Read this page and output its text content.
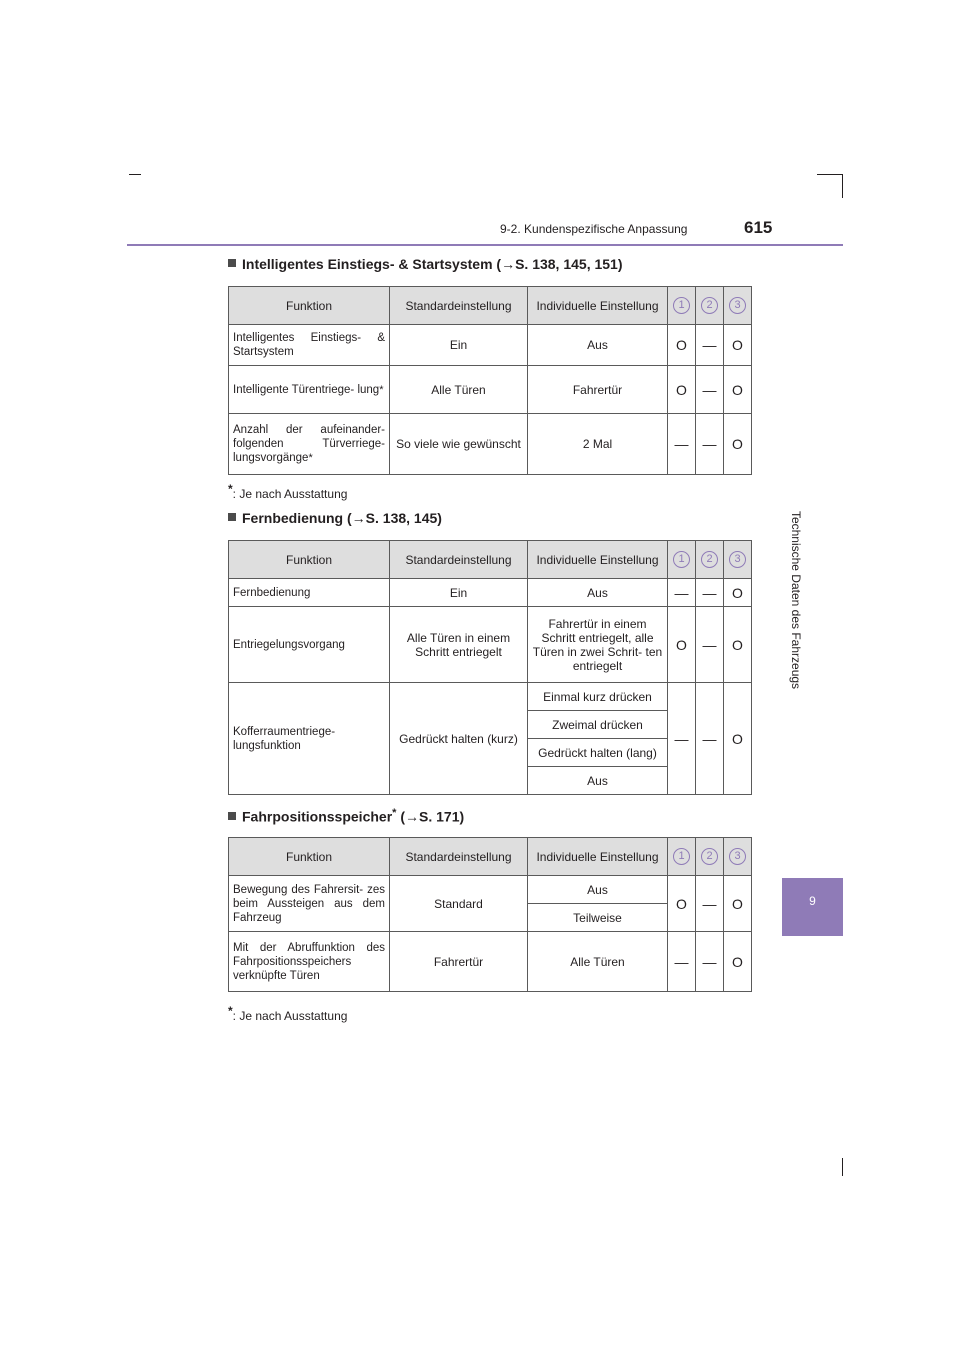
9-2. Kundenspezifische Anpassung	615
Technische Daten des Fahrzeugs
9
Intelligentes Einstiegs- & Startsystem (→S. 138, 145, 151)
Funktion	Standardeinstellung	Individuelle Einstellung	1	2	3
Intelligentes Einstiegs- & Startsystem	Ein	Aus	O	—	O
Intelligente Türentriege- lung*	Alle Türen	Fahrertür	O	—	O
Anzahl der aufeinander- folgenden Türverriege- lungsvorgänge*	So viele wie gewünscht	2 Mal	—	—	O
*: Je nach Ausstattung
Fernbedienung (→S. 138, 145)
Funktion	Standardeinstellung	Individuelle Einstellung	1	2	3
Fernbedienung	Ein	Aus	—	—	O
Entriegelungsvorgang	Alle Türen in einem Schritt entriegelt	Fahrertür in einem Schritt entriegelt, alle Türen in zwei Schrit- ten entriegelt	O	—	O
Kofferraumentriege- lungsfunktion	Gedrückt halten (kurz)	Einmal kurz drücken	—	—	O
		Zweimal drücken			
		Gedrückt halten (lang)			
		Aus			
Fahrpositionsspeicher* (→S. 171)
Funktion	Standardeinstellung	Individuelle Einstellung	1	2	3
Bewegung des Fahrersit- zes beim Aussteigen aus dem Fahrzeug	Standard	Aus	O	—	O
		Teilweise			
Mit der Abruffunktion des Fahrpositionsspeichers verknüpfte Türen	Fahrertür	Alle Türen	—	—	O
*: Je nach Ausstattung
